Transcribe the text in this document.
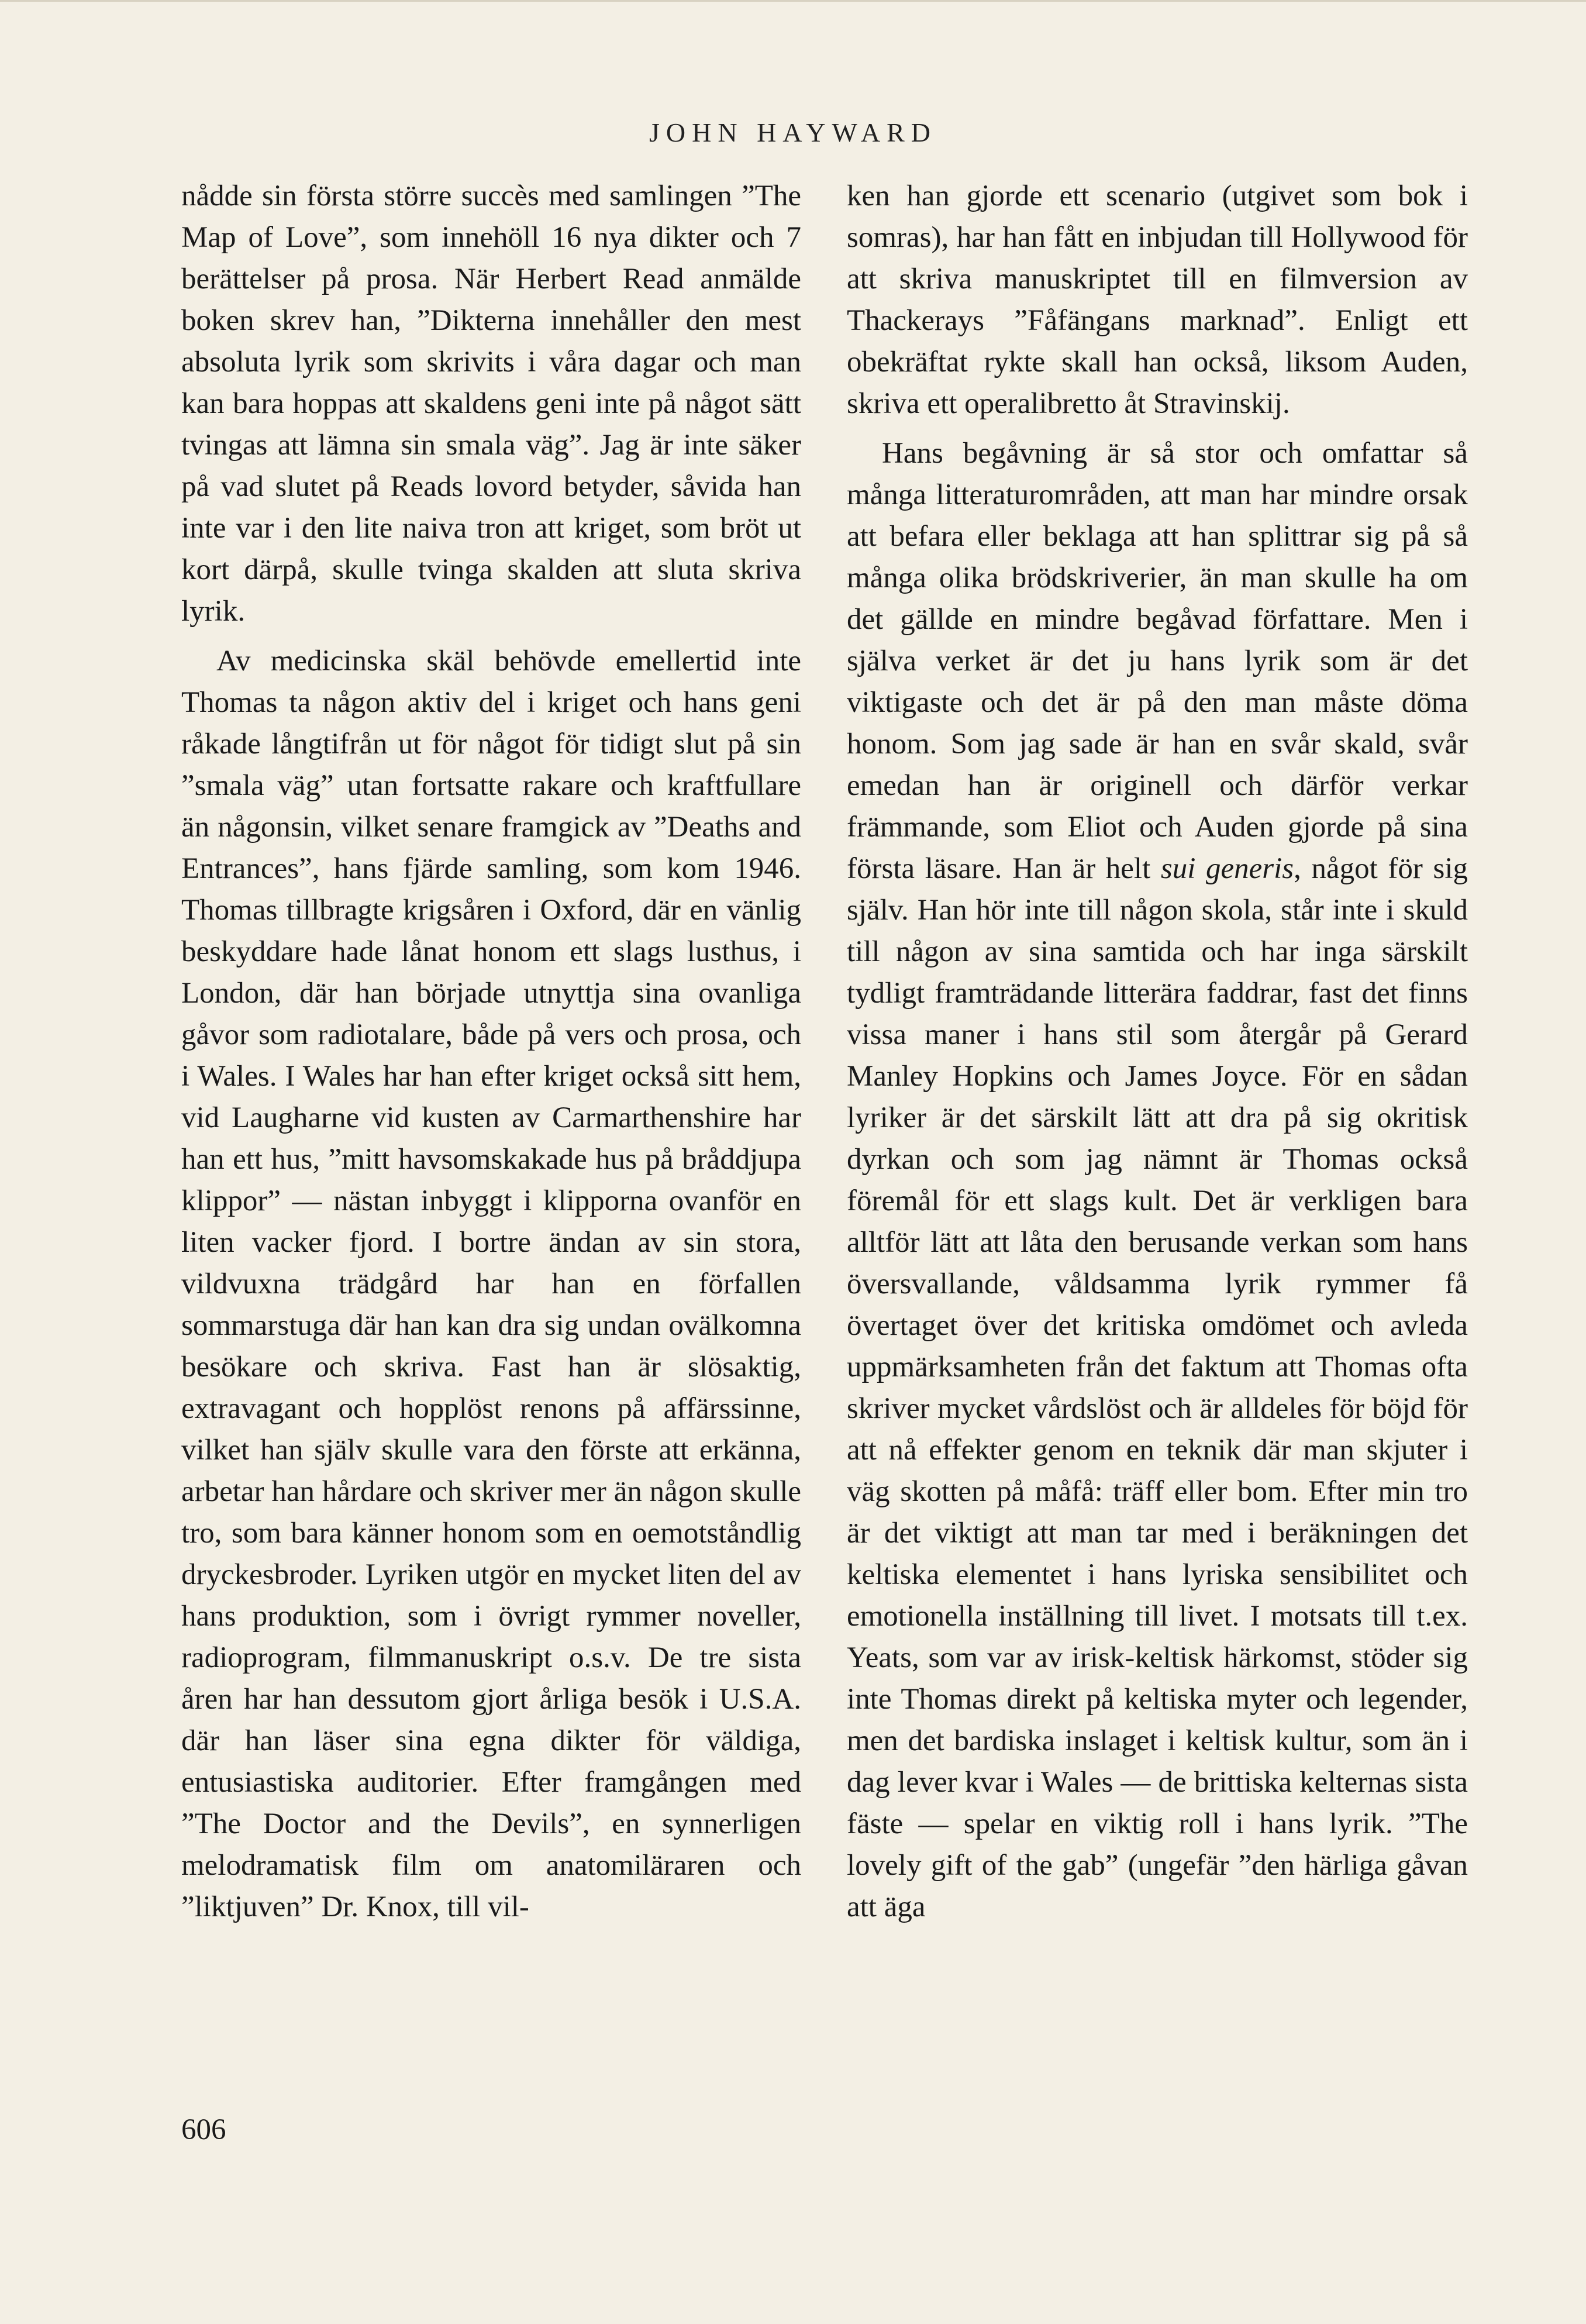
JOHN HAYWARD

nådde sin första större succès med samlingen ”The Map of Love”, som innehöll 16 nya dikter och 7 berättelser på prosa. När Herbert Read anmälde boken skrev han, ”Dikterna innehåller den mest absoluta lyrik som skrivits i våra dagar och man kan bara hoppas att skaldens geni inte på något sätt tvingas att lämna sin smala väg”. Jag är inte säker på vad slutet på Reads lovord betyder, såvida han inte var i den lite naiva tron att kriget, som bröt ut kort därpå, skulle tvinga skalden att sluta skriva lyrik.

Av medicinska skäl behövde emellertid inte Thomas ta någon aktiv del i kriget och hans geni råkade långtifrån ut för något för tidigt slut på sin ”smala väg” utan fortsatte rakare och kraftfullare än någonsin, vilket senare framgick av ”Deaths and Entrances”, hans fjärde samling, som kom 1946. Thomas tillbragte krigsåren i Oxford, där en vänlig beskyddare hade lånat honom ett slags lusthus, i London, där han började utnyttja sina ovanliga gåvor som radiotalare, både på vers och prosa, och i Wales. I Wales har han efter kriget också sitt hem, vid Laugharne vid kusten av Carmarthenshire har han ett hus, ”mitt havsomskakade hus på bråddjupa klippor” — nästan inbyggt i klipporna ovanför en liten vacker fjord. I bortre ändan av sin stora, vildvuxna trädgård har han en förfallen sommarstuga där han kan dra sig undan ovälkomna besökare och skriva. Fast han är slösaktig, extravagant och hopplöst renons på affärssinne, vilket han själv skulle vara den förste att erkänna, arbetar han hårdare och skriver mer än någon skulle tro, som bara känner honom som en oemotståndlig dryckesbroder. Lyriken utgör en mycket liten del av hans produktion, som i övrigt rymmer noveller, radioprogram, filmmanuskript o.s.v. De tre sista åren har han dessutom gjort årliga besök i U.S.A. där han läser sina egna dikter för väldiga, entusiastiska auditorier. Efter framgången med ”The Doctor and the Devils”, en synnerligen melodramatisk film om anatomiläraren och ”liktjuven” Dr. Knox, till vil-

ken han gjorde ett scenario (utgivet som bok i somras), har han fått en inbjudan till Hollywood för att skriva manuskriptet till en filmversion av Thackerays ”Fåfängans marknad”. Enligt ett obekräftat rykte skall han också, liksom Auden, skriva ett operalibretto åt Stravinskij.

Hans begåvning är så stor och omfattar så många litteraturområden, att man har mindre orsak att befara eller beklaga att han splittrar sig på så många olika brödskriverier, än man skulle ha om det gällde en mindre begåvad författare. Men i själva verket är det ju hans lyrik som är det viktigaste och det är på den man måste döma honom. Som jag sade är han en svår skald, svår emedan han är originell och därför verkar främmande, som Eliot och Auden gjorde på sina första läsare. Han är helt sui generis, något för sig själv. Han hör inte till någon skola, står inte i skuld till någon av sina samtida och har inga särskilt tydligt framträdande litterära faddrar, fast det finns vissa maner i hans stil som återgår på Gerard Manley Hopkins och James Joyce. För en sådan lyriker är det särskilt lätt att dra på sig okritisk dyrkan och som jag nämnt är Thomas också föremål för ett slags kult. Det är verkligen bara alltför lätt att låta den berusande verkan som hans översvallande, våldsamma lyrik rymmer få övertaget över det kritiska omdömet och avleda uppmärksamheten från det faktum att Thomas ofta skriver mycket vårdslöst och är alldeles för böjd för att nå effekter genom en teknik där man skjuter i väg skotten på måfå: träff eller bom. Efter min tro är det viktigt att man tar med i beräkningen det keltiska elementet i hans lyriska sensibilitet och emotionella inställning till livet. I motsats till t.ex. Yeats, som var av irisk-keltisk härkomst, stöder sig inte Thomas direkt på keltiska myter och legender, men det bardiska inslaget i keltisk kultur, som än i dag lever kvar i Wales — de brittiska kelternas sista fäste — spelar en viktig roll i hans lyrik. ”The lovely gift of the gab” (ungefär ”den härliga gåvan att äga

606
